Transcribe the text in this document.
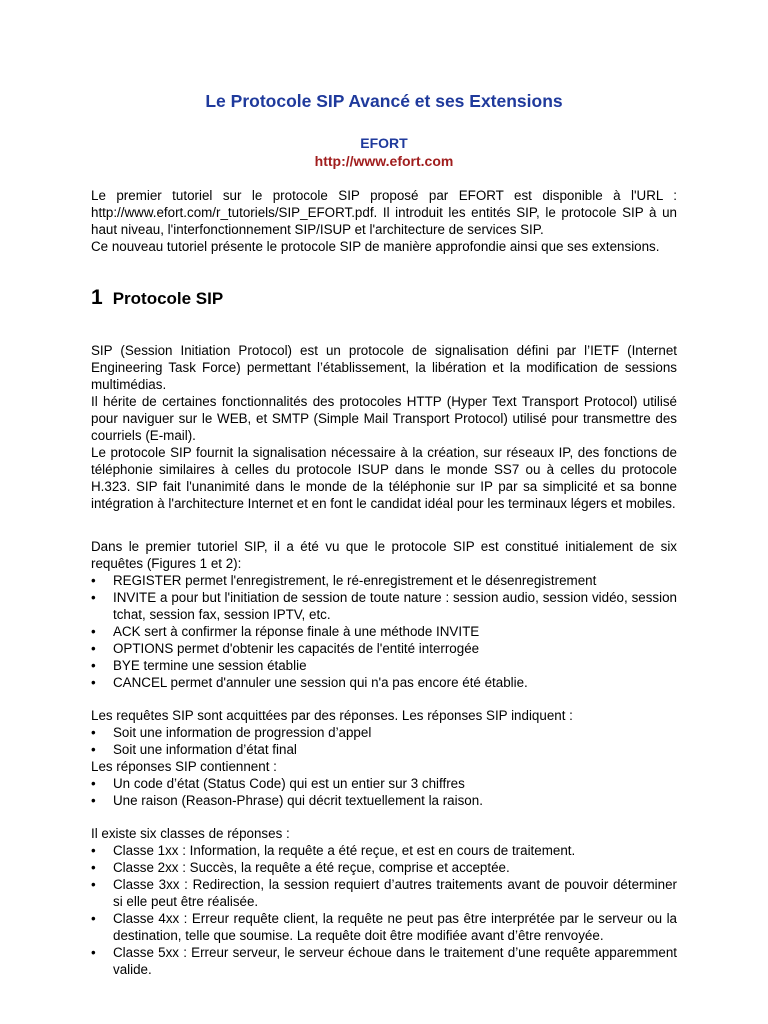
Le Protocole SIP Avancé et ses Extensions
EFORT
http://www.efort.com

Le premier tutoriel sur le protocole SIP proposé par EFORT est disponible à l'URL : http://www.efort.com/r_tutoriels/SIP_EFORT.pdf. Il introduit les entités SIP, le protocole SIP à un haut niveau, l'interfonctionnement SIP/ISUP et l'architecture de services SIP.

Ce nouveau tutoriel présente le protocole SIP de manière approfondie ainsi que ses extensions.

1 Protocole SIP

SIP (Session Initiation Protocol) est un protocole de signalisation défini par l’IETF (Internet Engineering Task Force) permettant l’établissement, la libération et la modification de sessions multimédias.

Il hérite de certaines fonctionnalités des protocoles HTTP (Hyper Text Transport Protocol) utilisé pour naviguer sur le WEB, et SMTP (Simple Mail Transport Protocol) utilisé pour transmettre des courriels (E-mail).

Le protocole SIP fournit la signalisation nécessaire à la création, sur réseaux IP, des fonctions de téléphonie similaires à celles du protocole ISUP dans le monde SS7 ou à celles du protocole H.323. SIP fait l'unanimité dans le monde de la téléphonie sur IP par sa simplicité et sa bonne intégration à l'architecture Internet et en font le candidat idéal pour les terminaux légers et mobiles.

Dans le premier tutoriel SIP, il a été vu que le protocole SIP est constitué initialement de six requêtes (Figures 1 et 2):

• REGISTER permet l'enregistrement, le ré-enregistrement et le désenregistrement
• INVITE a pour but l'initiation de session de toute nature : session audio, session vidéo, session tchat, session fax, session IPTV, etc.
• ACK sert à confirmer la réponse finale à une méthode INVITE
• OPTIONS permet d'obtenir les capacités de l'entité interrogée
• BYE termine une session établie
• CANCEL permet d'annuler une session qui n'a pas encore été établie.

Les requêtes SIP sont acquittées par des réponses. Les réponses SIP indiquent :

• Soit une information de progression d’appel
• Soit une information d’état final

Les réponses SIP contiennent :

• Un code d’état (Status Code) qui est un entier sur 3 chiffres
• Une raison (Reason-Phrase) qui décrit textuellement la raison.

Il existe six classes de réponses :

• Classe 1xx : Information, la requête a été reçue, et est en cours de traitement.
• Classe 2xx : Succès, la requête a été reçue, comprise et acceptée.
• Classe 3xx : Redirection, la session requiert d’autres traitements avant de pouvoir déterminer si elle peut être réalisée.
• Classe 4xx : Erreur requête client, la requête ne peut pas être interprétée par le serveur ou la destination, telle que soumise. La requête doit être modifiée avant d’être renvoyée.
• Classe 5xx : Erreur serveur, le serveur échoue dans le traitement d’une requête apparemment valide.
